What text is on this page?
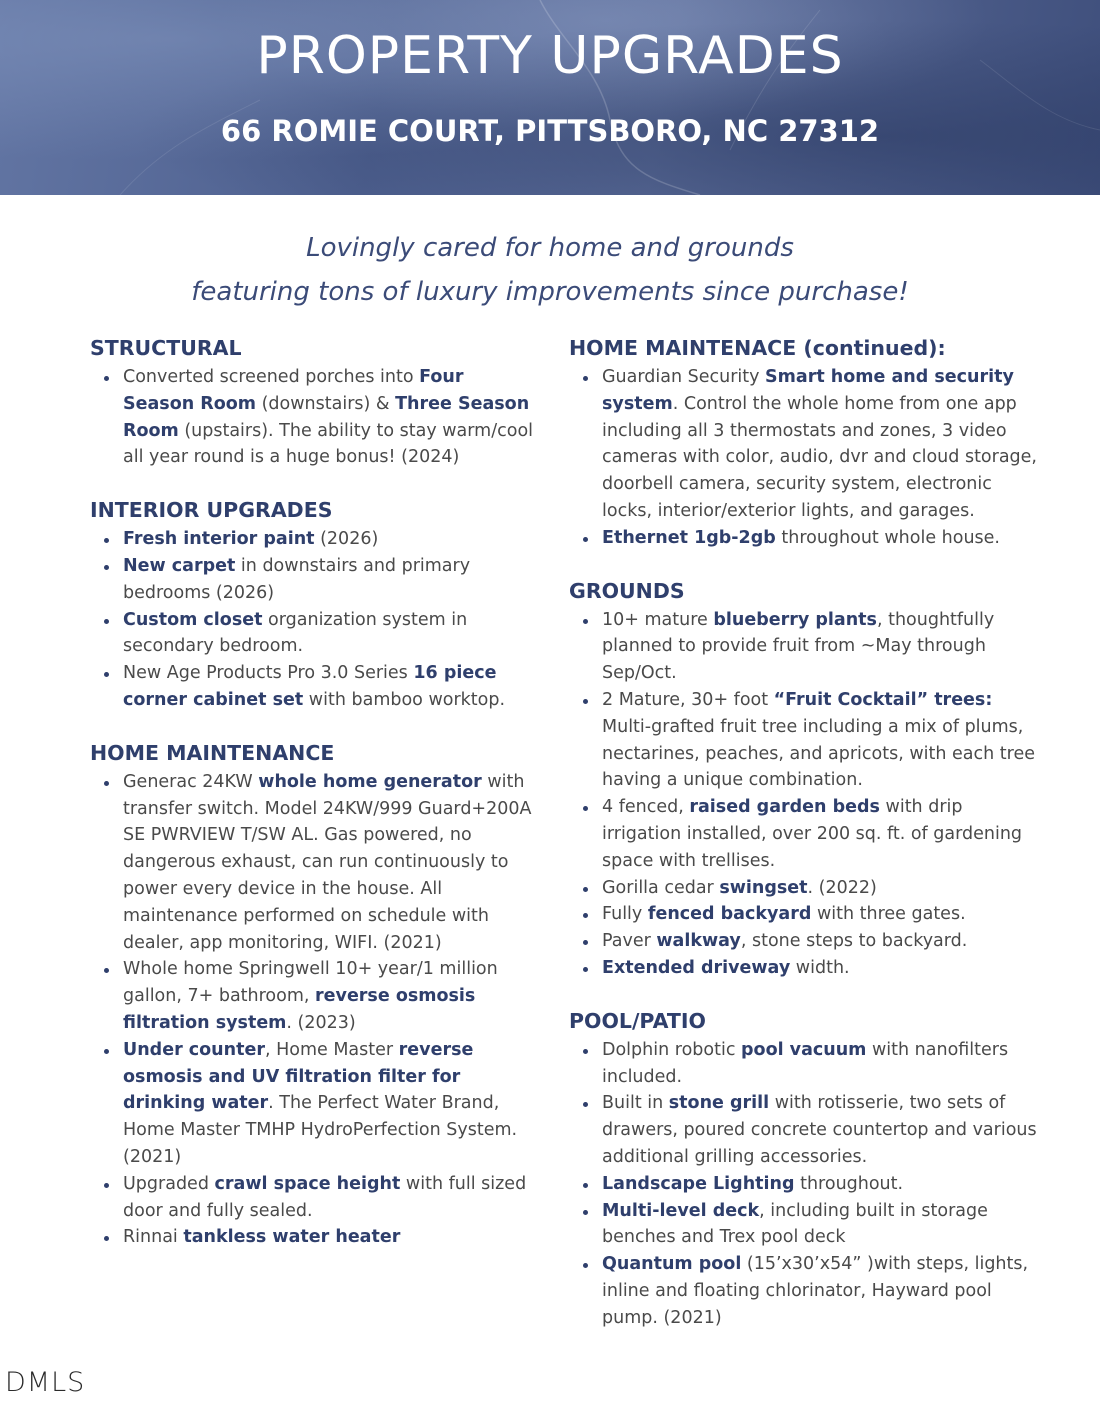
PROPERTY UPGRADES
66 ROMIE COURT, PITTSBORO, NC 27312
Lovingly cared for home and grounds
featuring tons of luxury improvements since purchase!
STRUCTURAL
Converted screened porches into Four Season Room (downstairs) & Three Season Room (upstairs). The ability to stay warm/cool all year round is a huge bonus! (2024)
INTERIOR UPGRADES
Fresh interior paint (2026)
New carpet in downstairs and primary bedrooms (2026)
Custom closet organization system in secondary bedroom.
New Age Products Pro 3.0 Series 16 piece corner cabinet set with bamboo worktop.
HOME MAINTENANCE
Generac 24KW whole home generator with transfer switch. Model 24KW/999 Guard+200A SE PWRVIEW T/SW AL. Gas powered, no dangerous exhaust, can run continuously to power every device in the house. All maintenance performed on schedule with dealer, app monitoring, WIFI. (2021)
Whole home Springwell 10+ year/1 million gallon, 7+ bathroom, reverse osmosis filtration system. (2023)
Under counter, Home Master reverse osmosis and UV filtration filter for drinking water. The Perfect Water Brand, Home Master TMHP HydroPerfection System. (2021)
Upgraded crawl space height with full sized door and fully sealed.
Rinnai tankless water heater
HOME MAINTENACE (continued):
Guardian Security Smart home and security system. Control the whole home from one app including all 3 thermostats and zones, 3 video cameras with color, audio, dvr and cloud storage, doorbell camera, security system, electronic locks, interior/exterior lights, and garages.
Ethernet 1gb-2gb throughout whole house.
GROUNDS
10+ mature blueberry plants, thoughtfully planned to provide fruit from ~May through Sep/Oct.
2 Mature, 30+ foot “Fruit Cocktail” trees: Multi-grafted fruit tree including a mix of plums, nectarines, peaches, and apricots, with each tree having a unique combination.
4 fenced, raised garden beds with drip irrigation installed, over 200 sq. ft. of gardening space with trellises.
Gorilla cedar swingset. (2022)
Fully fenced backyard with three gates.
Paver walkway, stone steps to backyard.
Extended driveway width.
POOL/PATIO
Dolphin robotic pool vacuum with nanofilters included.
Built in stone grill with rotisserie, two sets of drawers, poured concrete countertop and various additional grilling accessories.
Landscape Lighting throughout.
Multi-level deck, including built in storage benches and Trex pool deck
Quantum pool (15’x30’x54” )with steps, lights, inline and floating chlorinator, Hayward pool pump. (2021)
DMLS
